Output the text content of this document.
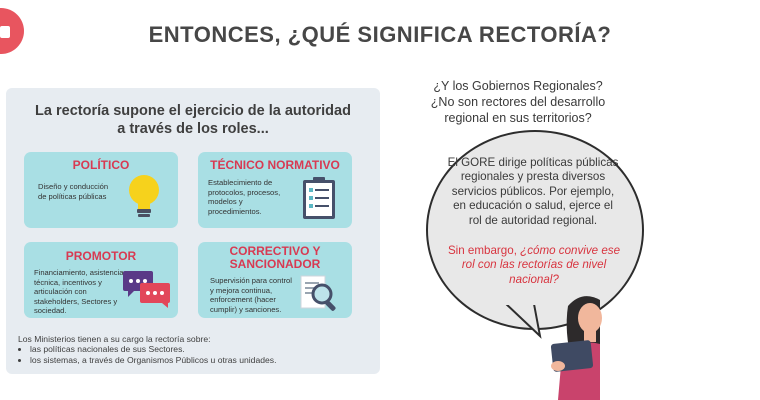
ENTONCES, ¿QUÉ SIGNIFICA RECTORÍA?
La rectoría supone el ejercicio de la autoridad
a través de los roles...
POLÍTICO
Diseño y conducción de políticas públicas
TÉCNICO NORMATIVO
Establecimiento de protocolos, procesos, modelos y procedimientos.
PROMOTOR
Financiamiento, asistencia técnica, incentivos y articulación con stakeholders, Sectores y sociedad.
CORRECTIVO Y SANCIONADOR
Supervisión para control y mejora continua, enforcement (hacer cumplir) y sanciones.
Los Ministerios tienen a su cargo la rectoría sobre:
• las políticas nacionales de sus Sectores.
• los sistemas, a través de Organismos Públicos u otras unidades.
¿Y los Gobiernos Regionales?
¿No son rectores del desarrollo
regional en sus territorios?
El GORE dirige políticas públicas regionales y presta diversos servicios públicos. Por ejemplo, en educación o salud, ejerce el rol de autoridad regional.
Sin embargo, ¿cómo convive ese rol con las rectorías de nivel nacional?
